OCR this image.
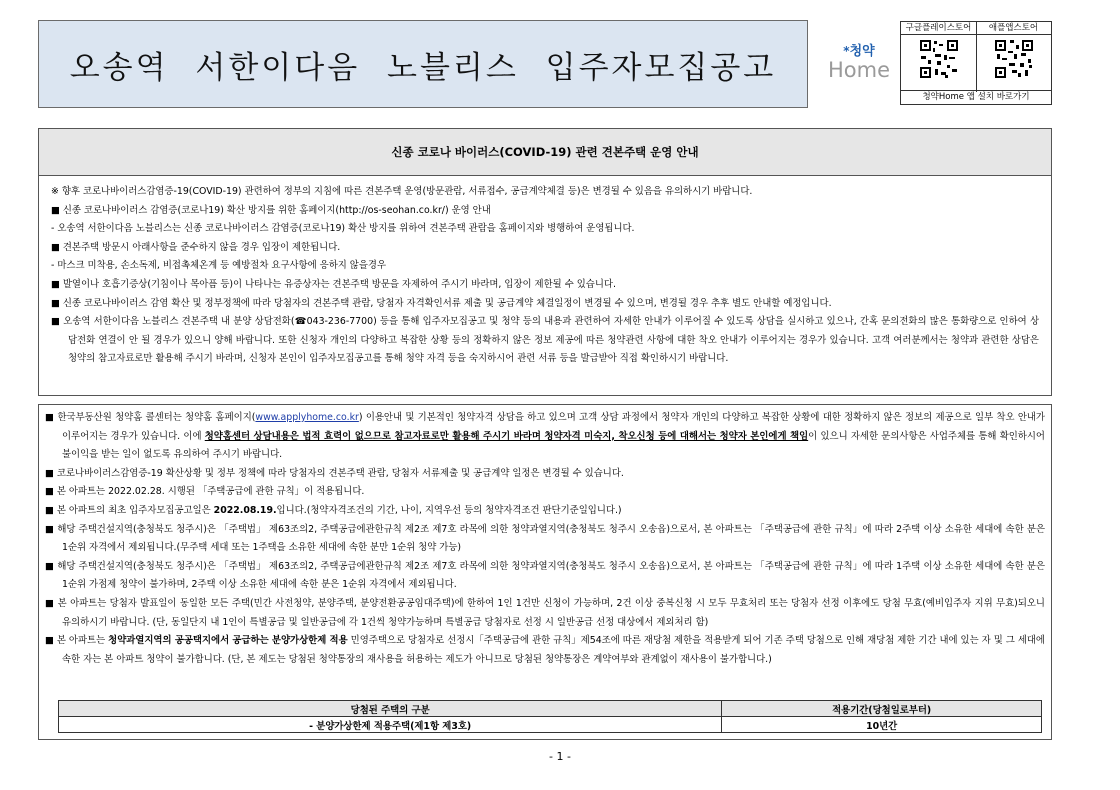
오송역 서한이다음 노블리스 입주자모집공고	*청약
Home
구글플레이스토어	애플앱스토어
청약Home 앱 설치 바로가기
신종 코로나 바이러스(COVID-19) 관련 견본주택 운영 안내
※ 향후 코로나바이러스감염증-19(COVID-19) 관련하여 정부의 지침에 따른 견본주택 운영(방문관람, 서류접수, 공급계약체결 등)은 변경될 수 있음을 유의하시기 바랍니다.
■ 신종 코로나바이러스 감염증(코로나19) 확산 방지를 위한 홈페이지(http://os-seohan.co.kr/) 운영 안내
- 오송역 서한이다음 노블리스는 신종 코로나바이러스 감염증(코로나19) 확산 방지를 위하여 견본주택 관람을 홈페이지와 병행하여 운영됩니다.
■ 견본주택 방문시 아래사항을 준수하지 않을 경우 입장이 제한됩니다.
- 마스크 미착용, 손소독제, 비접촉체온계 등 예방절차 요구사항에 응하지 않을경우
■ 발열이나 호흡기증상(기침이나 목아픔 등)이 나타나는 유증상자는 견본주택 방문을 자제하여 주시기 바라며, 입장이 제한될 수 있습니다.
■ 신종 코로나바이러스 감염 확산 및 정부정책에 따라 당첨자의 견본주택 관람, 당첨자 자격확인서류 제출 및 공급계약 체결일정이 변경될 수 있으며, 변경될 경우 추후 별도 안내할 예정입니다.
■ 오송역 서한이다음 노블리스 견본주택 내 분양 상담전화(☎043-236-7700) 등을 통해 입주자모집공고 및 청약 등의 내용과 관련하여 자세한 안내가 이루어질 수 있도록 상담을 실시하고 있으나, 간혹 문의전화의 많은 통화량으로 인하여 상담전화 연결이 안 될 경우가 있으니 양해 바랍니다. 또한 신청자 개인의 다양하고 복잡한 상황 등의 정확하지 않은 정보 제공에 따른 청약관련 사항에 대한 착오 안내가 이루어지는 경우가 있습니다. 고객 여러분께서는 청약과 관련한 상담은 청약의 참고자료로만 활용해 주시기 바라며, 신청자 본인이 입주자모집공고를 통해 청약 자격 등을 숙지하시어 관련 서류 등을 발급받아 직접 확인하시기 바랍니다.
■ 한국부동산원 청약홈 콜센터는 청약홈 홈페이지(www.applyhome.co.kr) 이용안내 및 기본적인 청약자격 상담을 하고 있으며 고객 상담 과정에서 청약자 개인의 다양하고 복잡한 상황에 대한 정확하지 않은 정보의 제공으로 일부 착오 안내가 이루어지는 경우가 있습니다. 이에 청약홈센터 상담내용은 법적 효력이 없으므로 참고자료로만 활용해 주시기 바라며 청약자격 미숙지, 착오신청 등에 대해서는 청약자 본인에게 책임이 있으니 자세한 문의사항은 사업주체를 통해 확인하시어 불이익을 받는 일이 없도록 유의하여 주시기 바랍니다.
■ 코로나바이러스감염증-19 확산상황 및 정부 정책에 따라 당첨자의 견본주택 관람, 당첨자 서류제출 및 공급계약 일정은 변경될 수 있습니다.
■ 본 아파트는 2022.02.28. 시행된 「주택공급에 관한 규칙」이 적용됩니다.
■ 본 아파트의 최초 입주자모집공고일은 2022.08.19.입니다.(청약자격조건의 기간, 나이, 지역우선 등의 청약자격조건 판단기준일입니다.)
■ 해당 주택건설지역(충청북도 청주시)은 「주택법」 제63조의2, 주택공급에관한규칙 제2조 제7호 라목에 의한 청약과열지역(충청북도 청주시 오송읍)으로서, 본 아파트는 「주택공급에 관한 규칙」에 따라 2주택 이상 소유한 세대에 속한 분은 1순위 자격에서 제외됩니다.(무주택 세대 또는 1주택을 소유한 세대에 속한 분만 1순위 청약 가능)
■ 해당 주택건설지역(충청북도 청주시)은 「주택법」 제63조의2, 주택공급에관한규칙 제2조 제7호 라목에 의한 청약과열지역(충청북도 청주시 오송읍)으로서, 본 아파트는 「주택공급에 관한 규칙」에 따라 1주택 이상 소유한 세대에 속한 분은 1순위 가점제 청약이 불가하며, 2주택 이상 소유한 세대에 속한 분은 1순위 자격에서 제외됩니다.
■ 본 아파트는 당첨자 발표일이 동일한 모든 주택(민간 사전청약, 분양주택, 분양전환공공임대주택)에 한하여 1인 1건만 신청이 가능하며, 2건 이상 중복신청 시 모두 무효처리 또는 당첨자 선정 이후에도 당첨 무효(예비입주자 지위 무효)되오니 유의하시기 바랍니다. (단, 동일단지 내 1인이 특별공급 및 일반공급에 각 1건씩 청약가능하며 특별공급 당첨자로 선정 시 일반공급 선정 대상에서 제외처리 함)
■ 본 아파트는 청약과열지역의 공공택지에서 공급하는 분양가상한제 적용 민영주택으로 당첨자로 선정시「주택공급에 관한 규칙」제54조에 따른 재당첨 제한을 적용받게 되어 기존 주택 당첨으로 인해 재당첨 제한 기간 내에 있는 자 및 그 세대에 속한 자는 본 아파트 청약이 불가합니다. (단, 본 제도는 당첨된 청약통장의 재사용을 허용하는 제도가 아니므로 당첨된 청약통장은 계약여부와 관계없이 재사용이 불가합니다.)
당첨된 주택의 구분	적용기간(당첨일로부터)
- 분양가상한제 적용주택(제1항 제3호)	10년간
- 1 -
